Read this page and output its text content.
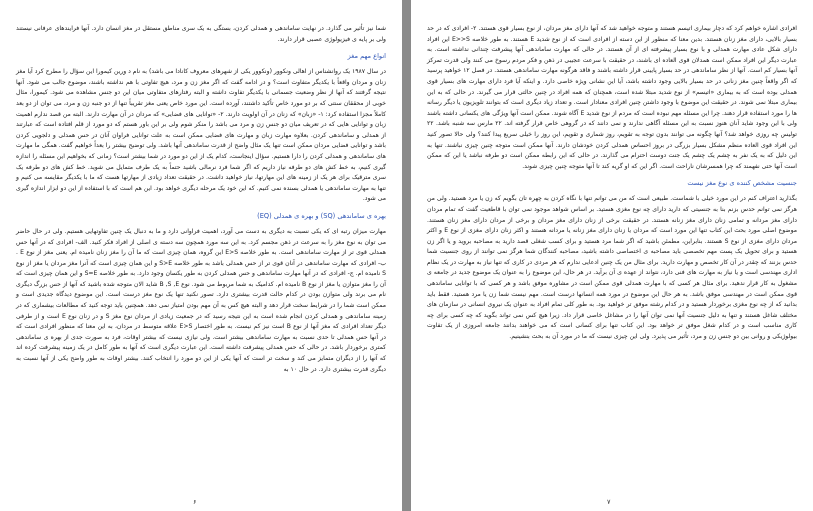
شما نیز تأثیر می گذارد. در نهایت ساماندهی و همدلی کردن، بستگی به یک سری مناطق مستقل در مغز انسان دارد. آنها فرایندهای عرفانی نیستند ولی بر پایه ی فیزیولوژی عصبی قرار دارند.

انواع مهم مغز

در سال ۱۹۸۷ یک روانشناس از اهالی ونکوور (ونکوور یکی از شهرهای معروف کانادا می باشد) به نام د ورین کیمورا این سؤال را مطرح کرد آیا مغز زنان و مردان واقعاً با یکدیگر متفاوت است؟ و در ادامه گفت که اگر مغز زن و مرد، هیچ تفاوتی با هم نداشته باشند، موضوع جالب می شود. آنها نتیجه گرفتند که آنها از نظر وضعیت جسمانی با یکدیگر تفاوت داشته و البته رفتارهای متفاوتی میان این دو جنس مشاهده می شود. کیمورا، مثال خوبی از محققان سنتی که بر دو مورد خاص تأکید داشتند، آورده است. این مورد خاص یعنی مغز تقریباً تنها از دو جنبه زن و مرد، می توان از دو بعد کاملاً مجزا استفاده کرد: ۱- «زبان» که زنان در آن اولویت دارند. ۲- «توانایی های فضایی» که مردان در آن مهارت دارند. البته من قصد ندارم اهمیت زبان و توانایی هایی که در تعریف میان دو جنس زن و مرد می باشد را منکر شوم ولی بر این باور هستم که دو مورد از قلم افتاده است که عبارتند از همدلی و ساماندهی کردن. بعلاوه مهارت زبان و مهارت های فضایی ممکن است به علت توانایی فراوان آنان در حس همدلی و دلجویی کردن باشد و توانایی فضایی مردان ممکن است تنها یک مثال واضح از قدرت ساماندهی آنها باشد. ولی توضیح بیشتر را بعداً خواهیم گفت. همگی ما مهارت های ساماندهی و همدلی کردن را دارا هستیم. سؤال اینجاست، کدام یک از این دو مورد در شما بیشتر است؟ زمانی که بخواهیم این مسئله را اندازه گیری کنیم، به خط کش های دو طرفه نیاز داریم که اگر شما فرد نرمالی باشید حتماً به یک طرف متمایل می شوید. خط کش های دو طرفه یک سری مترقیک برای هر یک از زمینه های این مهارتها، نیاز خواهید داشت. در حقیقت تعداد زیادی از مهارتها هست که ما با یکدیگر مقایسه می کنیم و تنها به مهارت ساماندهی یا همدلی بسنده نمی کنیم. که این خود یک مرحله دیگری خواهد بود. این هم است که با استفاده از این دو ابزار اندازه گیری می شود.

بهره ی ساماندهی (SQ) و بهره ی همدلی (EQ)

مهارت میزان رتبه ای که یکی نسبت به دیگری به دست می آورد، اهمیت فراوانی دارد و ما به دنبال یک چنین تفاوتهایی هستیم. ولی در حال حاضر می توان به نوع مغز را به سرعت در ذهن مجسم کرد. به این سه مورد همچون سه دسته ی اصلی از افراد فکر کنید. الف- افرادی که در آنها حس همدلی قوی تر از مهارت ساماندهی است. به طور خلاصه E>S این گروه، همان چیزی است که ما آن را مغز زنان نامیده ام. یعنی مغز از نوع E . ب- افرادی که مهارت ساماندهی در آنان قوی تر از حس همدلی باشد به طور خلاصه S>E و این همان چیزی است که آنرا مغز مردان یا مغز از نوع S نامیده ام. ج- افرادی که در آنها مهارت ساماندهی و حس همدلی کردن به طور یکسان وجود دارد. به طور خلاصه S=E و این همان چیزی است که آن را مغز متوازن یا مغز از نوع B نامیده ام. کدامیک به شما مربوط می شود. نوع B ,S ,E شاید الان متوجه شده باشید که آنها از حس بزرگ دیگری نام می برند ولی متوازن بودن در کدام حالت قدرت بیشتری دارد. تصور نکنید تنها یک نوع مغز درست است. این موضوع دیدگاه جدیدی است و ممکن است شما را در شرایط سخت قرار دهد و البته هیچ کس به آن مهم بودن امتیاز نمی دهد. همچنین باید توجه کنید که مطالعات بیشماری که در زمینه ساماندهی و همدلی کردن انجام شده است به این نتیجه رسید که در جمعیت زیادی از مردان نوع مغز S و در زنان نوع E است و از طرفی دیگر تعداد افرادی که مغز آنها از نوع B است نیز کم نیست. به طور اختصار E>S علاقه متوسط در مردان، به این معنا که منظور افرادی است که در آنها حس همدلی تا حدی نسبت به مهارت ساماندهی بیشتر است. ولی نیازی نیست که بیشتر اوقات، فرد به صورت جدی از بهره ی ساماندهی کمتری برخوردار باشد. در حالی که حس همدلی پیشرفت داشته است. این عبارت دیگری است که آنها به طور کامل در یک زمینه پیشرفت کرده اند که آنها را از دیگران متمایز می کند و سخت تر است که آنها یکی از این دو مورد را انتخاب کنند. بیشتر اوقات به طور واضح یکی از آنها نسبت به دیگری قدرت بیشتری دارد. در حال ۱۰ به

۶

افرادی اشاره خواهم کرد که دچار بیماری اتیسم هستند و متوجه خواهید شد که آنها دارای مغز مردان، از نوع بسیار قوی هستند. ۲- افرادی که در حد بسیار بالایی، دارای مغز زنان هستند. بدین معنا که منظور از این دسته از افرادی است که از نوع شدید E هستند. به طور خلاصه E>>S این افراد دارای شکل عادی مهارت همدلی و با نوع بسیار پیشرفته ای از آن هستند. در حالی که مهارت ساماندهی آنها پیشرفت چندانی نداشته است. به عبارت دیگر این افراد ممکن است همدلان قوی العاده ای باشند، در حقیقت با سرعت عجیبی در ذهن و فکر مردم رسوخ می کنند ولی قدرت تمرکز آنها بسیار کم است. آنها از نظر ساماندهی در حد بسیار پایینی قرار داشته باشند و فاقد هرگونه مهارت ساماندهی هستند. در فصل ۱۲ خواهید پرسید که اگر واقعاً چنین مغز زنانی در حد بسیار بالایی وجود داشته باشد، آیا این نشانی ویژه خاصی دارد. و اینکه آیا فرد دارای مهارت های بسیار قوی همدلی بوده است که به بیماری «اتیسم» از نوع شدید مبتلا شده است، همچنان که همه افراد در چنین حالتی قرار می گیرند. در حالی که به این بیماری مبتلا نمی شوند. در حقیقت این موضوع با وجود داشتن چنین افرادی معنادار است. و تعداد زیاد دیگری است که بتوانند تلویزیون یا دیگر رسانه ها را مورد استفاده قرار دهند. چرا این مسئله مهم نبوده است که مردم از نوع شدید E آگاه شوند. ممکن است آنها ویژگی های یکسانی داشته باشند ولی با این وجود شاید آنان هنوز نسبت به این مسئله آگاهی ندارند و نمی دانند که در گروهی خاص قرار گرفته اند. ۲۲ مارس سه شنبه باشد. ۲۲ تولیس چه روزی خواهد شد؟ آنها چگونه می توانند بدون توجه به تقویم، روز شماری و تقویم، این روز را خیلی سریع پیدا کنند؟ ولی حالا تصور کنید این افراد قوی العاده منظم مشکل بسیار بزرگی در بروز احساس همدلی کردن خودشان دارند. آنها ممکن است متوجه چنین چیزی نباشند. تنها به این دلیل که به یک نفر به چشم یک چشم یک جنت دوست احترام می گذارند. در حالی که این رابطه ممکن است دو طرفه نباشد یا این که ممکن است آنها حتی نفهمند که چرا همسرشان ناراحت است. اگر این که او گریه کند تا آنها متوجه چنین چیزی شوند.

جنسیت مشخص کننده ی نوع مغز نیست

بگذارید اعتراف کنم در این مورد خیلی با شماست. طبیعی است که من می توانم تنها با نگاه کردن به چهره تان بگویم که زن یا مرد هستید. ولی من هرگز نمی توانم حدس بزنم بنا به جنسیتی که دارید دارای چه نوع مغزی هستید. بر اساس شواهد موجود نمی توان با قاطعیت گفت که تمام مردان دارای مغز مردانه و تمامی زنان دارای مغز زنانه هستند. در حقیقت برخی از زنان دارای مغز مردان و برخی از مردان دارای مغز زنان هستند. موضوع اصلی مورد بحث این کتاب تنها این مورد است که مردان یا زنان دارای مغز زنانه یا مردانه هستند و اکثر زنان دارای مغزی از نوع E و اکثر مردان دارای مغزی از نوع S هستند. بنابراین، مطمئن باشید که اگر شما مرد هستید و برای کسب شغلی قصد دارید به مصاحبه بروید و یا اگر زن هستید و برای تحویل یک پست مهم تخصصی باید مصاحبه ی اختصاصی داشته باشید، مصاحبه کنندگان شما هرگز نمی توانند از روی جنسیت شما حدس بزنند که چقدر در آن کار تخصص و مهارت دارید. برای مثال من یک چنین ادعایی ندارم که هر مردی در کاری که تنها نیاز به مهارت در یک نظام اداری مهندسی است و یا نیاز به مهارت های فنی دارد، نتواند از عهده ی آن برآید. در هر حال، این موضوع را به عنوان یک موضوع جدید در جامعه ی مشغول به کار قرار ندهید. برای مثال هر کسی که با مهارت همدلی قوی ممکن است در مشاوره موفق باشد و هر کسی که با توانایی ساماندهی قوی ممکن است در مهندسی موفق باشد. به هر حال این موضوع در مورد همه انسانها درست است. مهم نیست شما زن یا مرد هستید. فقط باید بدانید که از چه نوع مغزی برخوردار هستید و در کدام رشته موفق تر خواهید بود. به طور کلی تمام افراد به عنوان یک نیروی انسانی در سازمان های مختلف شاغل هستند و تنها به دلیل جنسیت آنها نمی توان آنها را در مشاغل خاصی قرار داد. زیرا هیچ کس نمی تواند بگوید که چه کسی برای چه کاری مناسب است و در کدام شغل موفق تر خواهد بود. این کتاب تنها برای کسانی است که می خواهند بدانند جامعه امروزی از یک تفاوت بیولوژیکی و روانی بین دو جنس زن و مرد، تأثیر می پذیرد. ولی این چیزی نیست که ما در مورد آن به بحث بنشینیم.

۷
